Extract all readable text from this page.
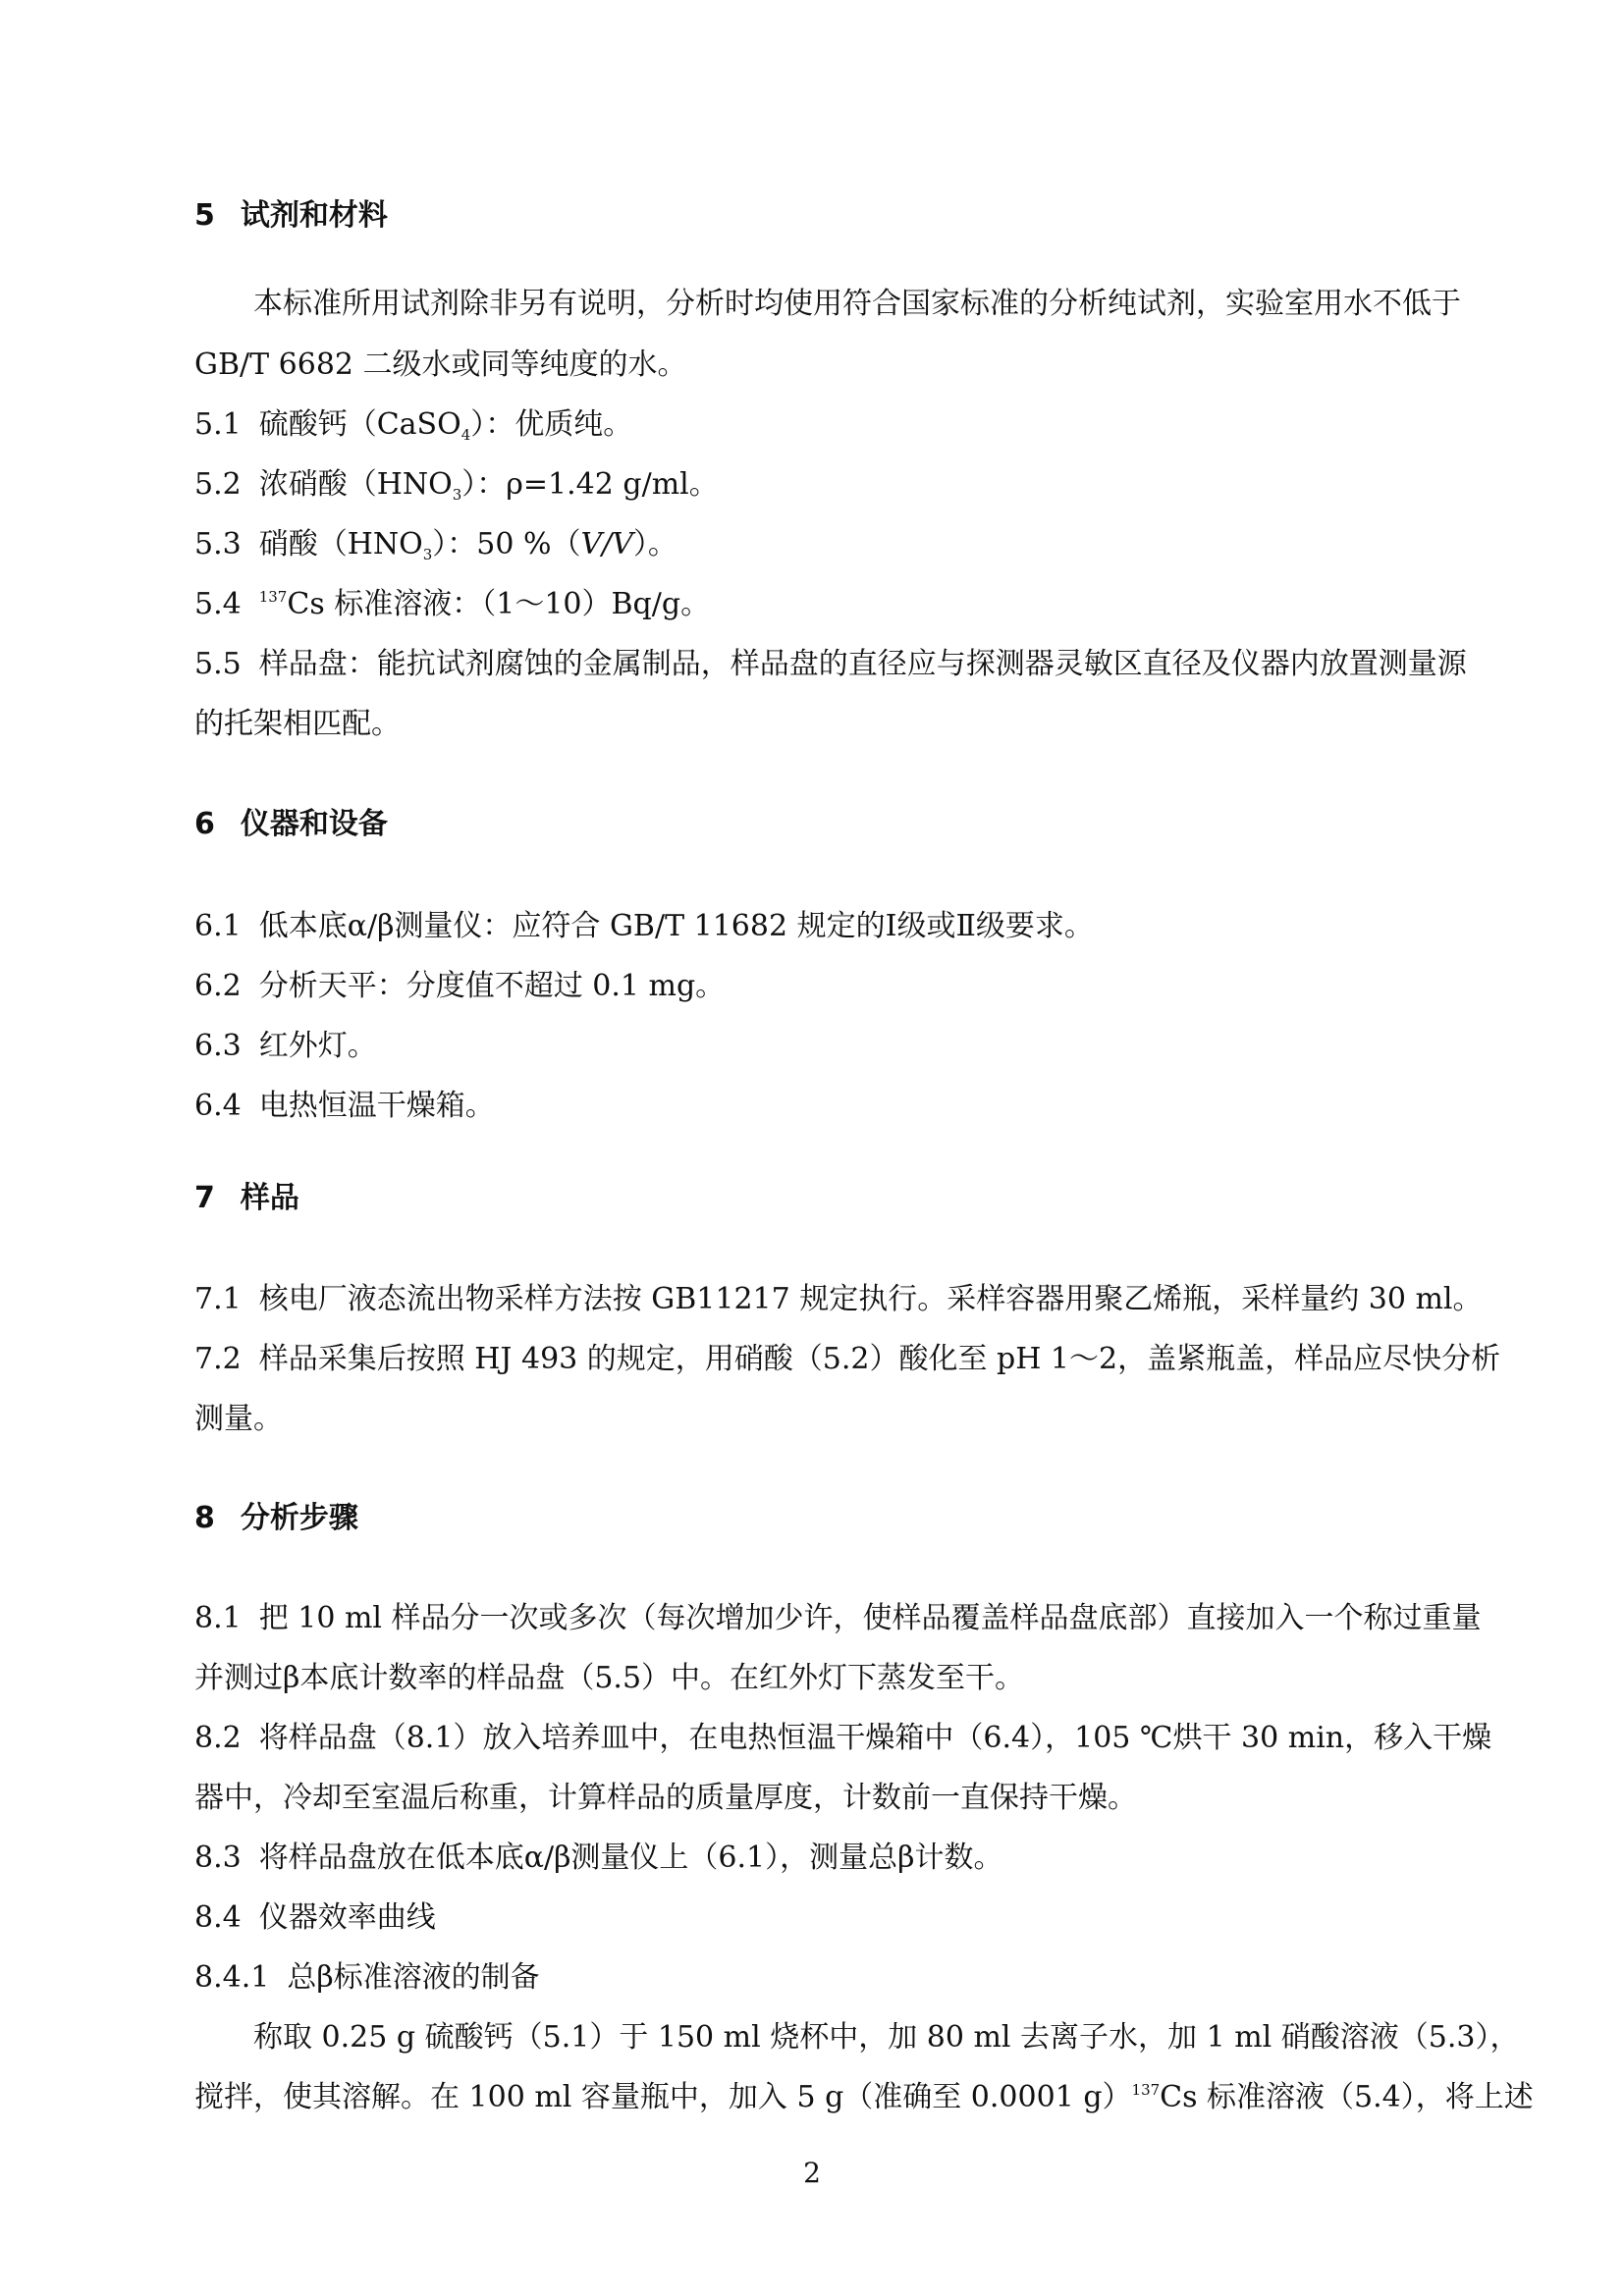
5 试剂和材料
本标准所用试剂除非另有说明，分析时均使用符合国家标准的分析纯试剂，实验室用水不低于
GB/T 6682 二级水或同等纯度的水。
5.1 硫酸钙（CaSO$_4$）：优质纯。
5.2 浓硝酸$(HNO_3)$：ρ=1.42 g/ml。
5.3 硝酸$(HNO_3)$：50 %（V/V）。
5.4 $^{137}$Cs 标准溶液：（1～10）Bq/g。
5.5 样品盘：能抗试剂腐蚀的金属制品，样品盘的直径应与探测器灵敏区直径及仪器内放置测量源
的托架相匹配。
6 仪器和设备
6.1 低本底α/β测量仪：应符合 GB/T 11682 规定的Ⅰ级或Ⅱ级要求。
6.2 分析天平：分度值不超过 0.1 mg。
6.3 红外灯。
6.4 电热恒温干燥箱。
7 样品
7.1 核电厂液态流出物采样方法按 GB11217 规定执行。采样容器用聚乙烯瓶，采样量约 30 ml。
7.2 样品采集后按照 HJ 493 的规定，用硝酸（5.2）酸化至 pH 1～2，盖紧瓶盖，样品应尽快分析
测量。
8 分析步骤
8.1 把 10 ml 样品分一次或多次（每次增加少许，使样品覆盖样品盘底部）直接加入一个称过重量
并测过β本底计数率的样品盘（5.5）中。在红外灯下蒸发至干。
8.2 将样品盘（8.1）放入培养皿中，在电热恒温干燥箱中（6.4），105 ℃烘干 30 min，移入干燥
器中，冷却至室温后称重，计算样品的质量厚度，计数前一直保持干燥。
8.3 将样品盘放在低本底α/β测量仪上（6.1），测量总β计数。
8.4 仪器效率曲线
8.4.1 总β标准溶液的制备
称取 0.25 g 硫酸钙（5.1）于 150 ml 烧杯中，加 80 ml 去离子水，加 1 ml 硝酸溶液（5.3），
搅拌，使其溶解。在 100 ml 容量瓶中，加入 5 g（准确至 0.0001 g）$^{137}$Cs 标准溶液（5.4），将上述
2
